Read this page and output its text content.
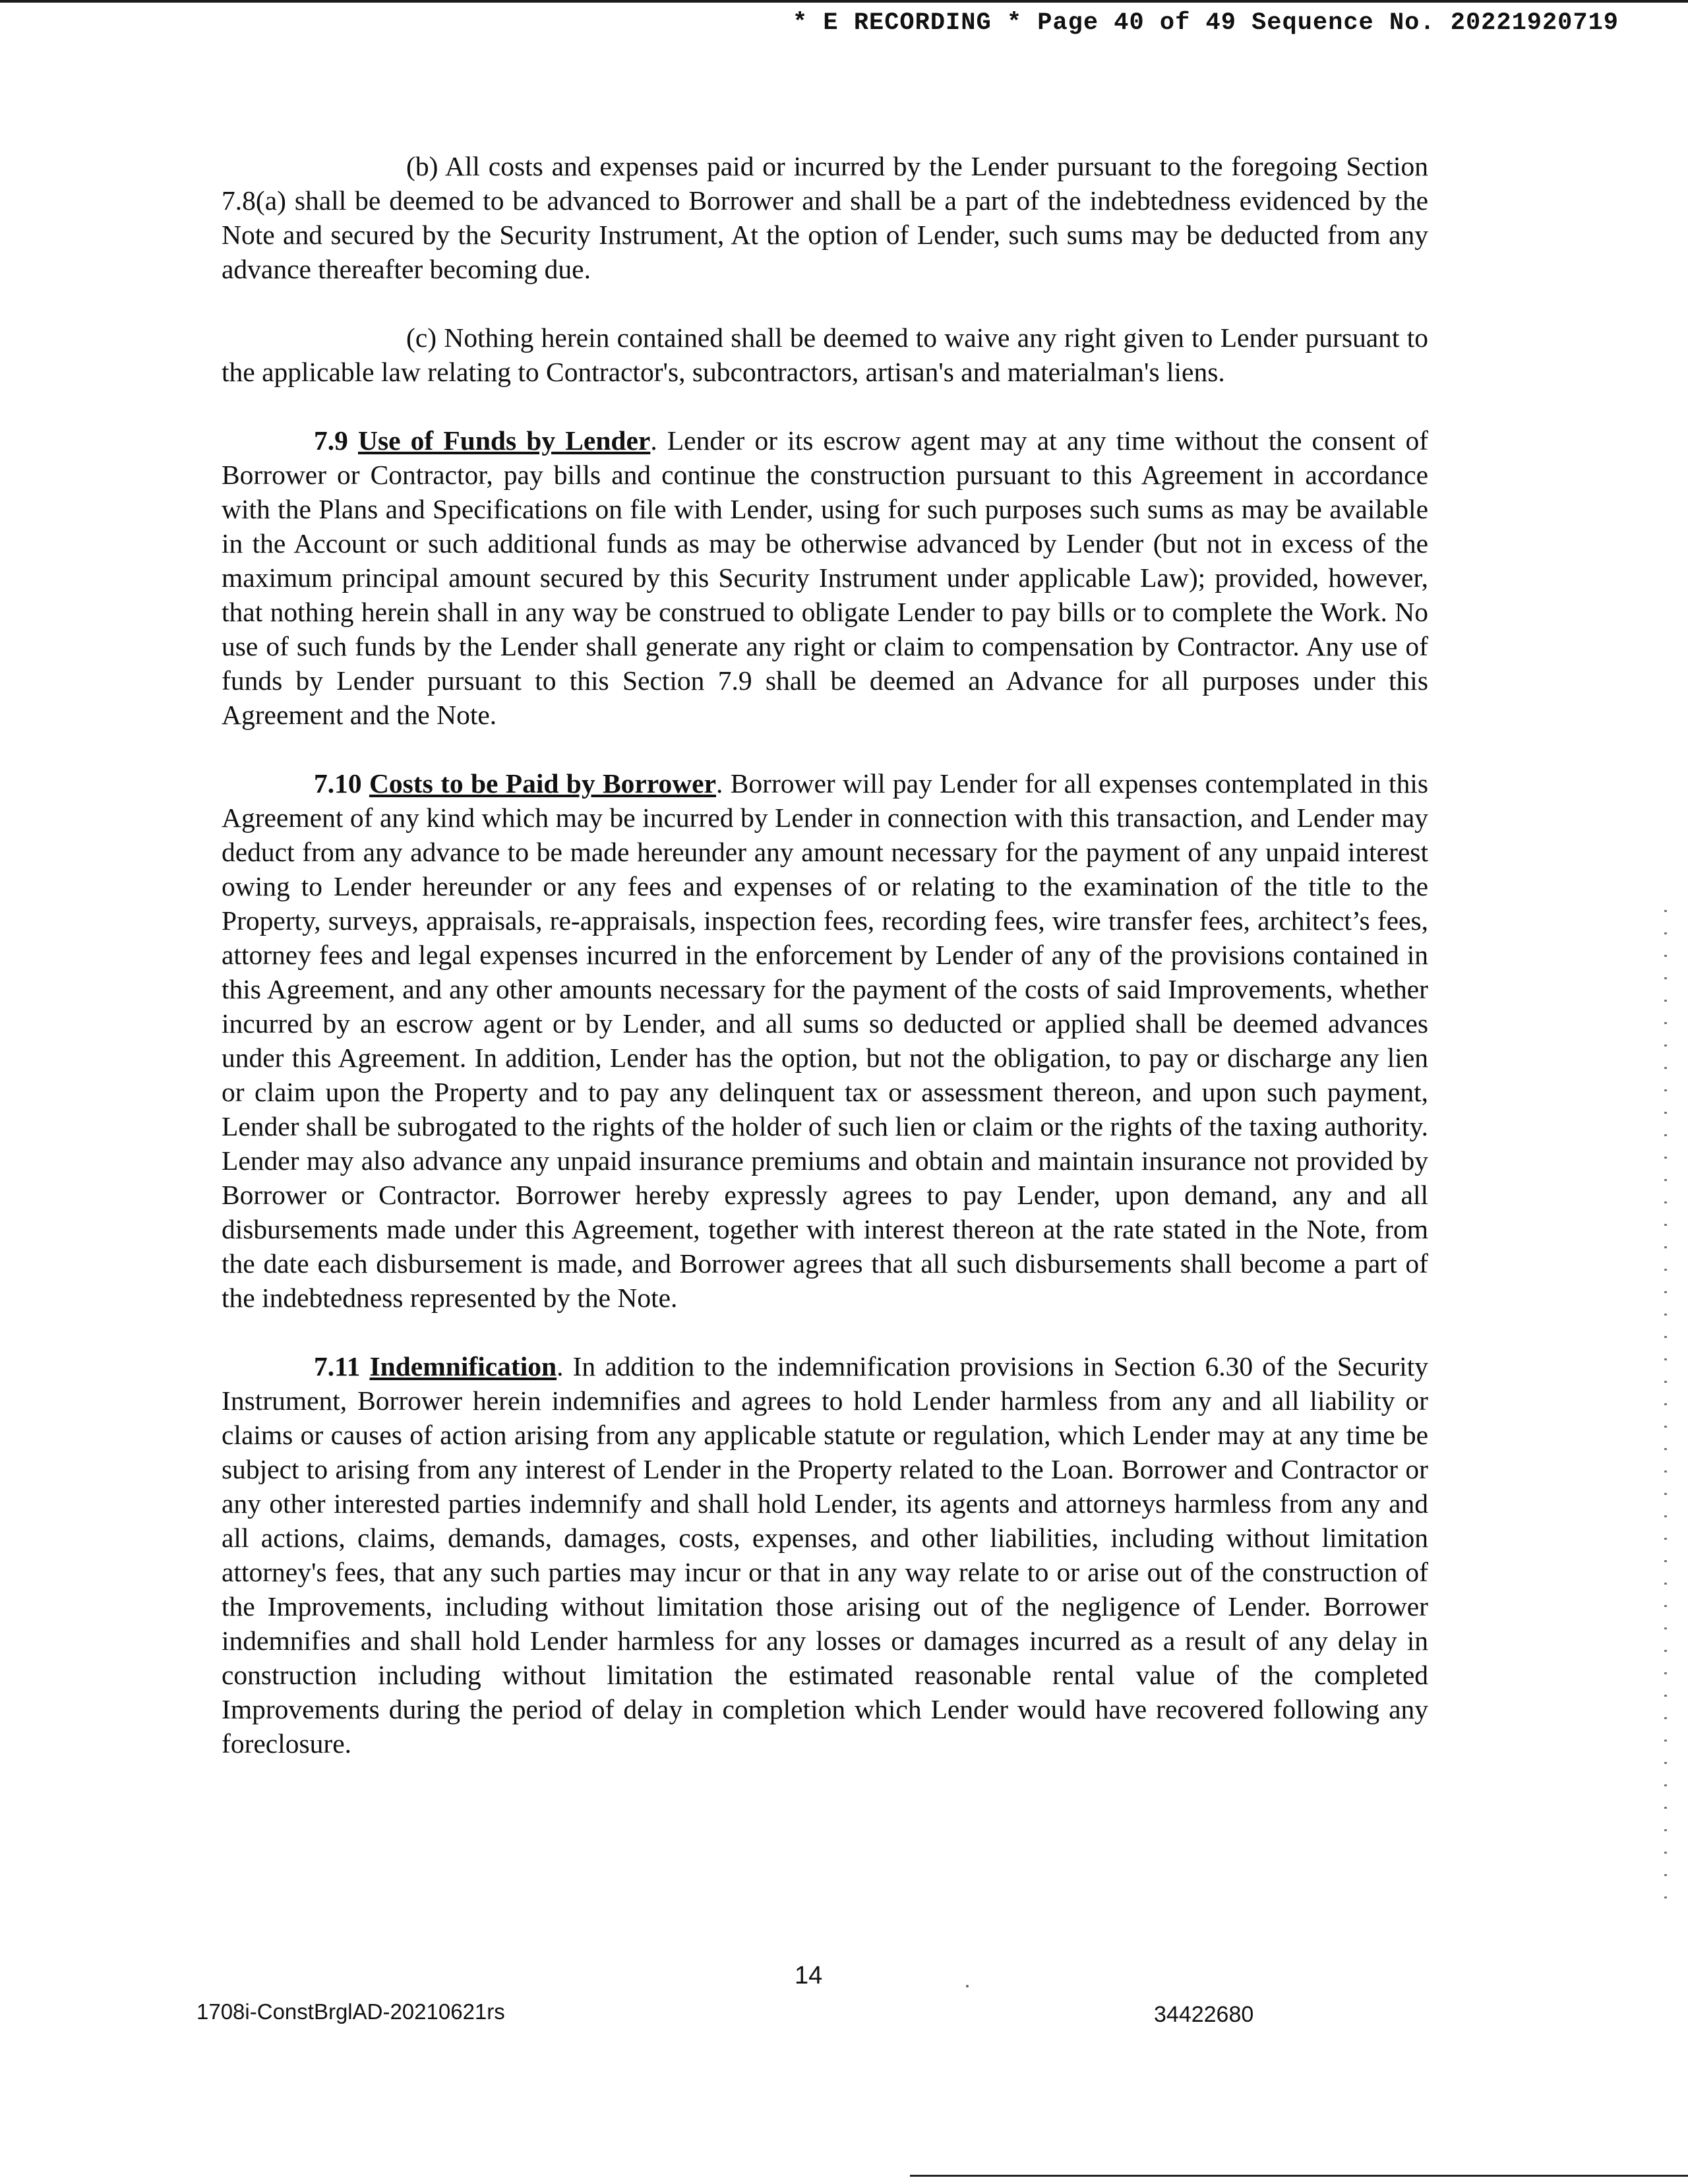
* E RECORDING * Page 40 of 49 Sequence No. 20221920719

(b) All costs and expenses paid or incurred by the Lender pursuant to the foregoing Section 7.8(a) shall be deemed to be advanced to Borrower and shall be a part of the indebtedness evidenced by the Note and secured by the Security Instrument, At the option of Lender, such sums may be deducted from any advance thereafter becoming due.

(c) Nothing herein contained shall be deemed to waive any right given to Lender pursuant to the applicable law relating to Contractor's, subcontractors, artisan's and materialman's liens.

7.9 Use of Funds by Lender. Lender or its escrow agent may at any time without the consent of Borrower or Contractor, pay bills and continue the construction pursuant to this Agreement in accordance with the Plans and Specifications on file with Lender, using for such purposes such sums as may be available in the Account or such additional funds as may be otherwise advanced by Lender (but not in excess of the maximum principal amount secured by this Security Instrument under applicable Law); provided, however, that nothing herein shall in any way be construed to obligate Lender to pay bills or to complete the Work. No use of such funds by the Lender shall generate any right or claim to compensation by Contractor. Any use of funds by Lender pursuant to this Section 7.9 shall be deemed an Advance for all purposes under this Agreement and the Note.

7.10 Costs to be Paid by Borrower. Borrower will pay Lender for all expenses contemplated in this Agreement of any kind which may be incurred by Lender in connection with this transaction, and Lender may deduct from any advance to be made hereunder any amount necessary for the payment of any unpaid interest owing to Lender hereunder or any fees and expenses of or relating to the examination of the title to the Property, surveys, appraisals, re-appraisals, inspection fees, recording fees, wire transfer fees, architect’s fees, attorney fees and legal expenses incurred in the enforcement by Lender of any of the provisions contained in this Agreement, and any other amounts necessary for the payment of the costs of said Improvements, whether incurred by an escrow agent or by Lender, and all sums so deducted or applied shall be deemed advances under this Agreement. In addition, Lender has the option, but not the obligation, to pay or discharge any lien or claim upon the Property and to pay any delinquent tax or assessment thereon, and upon such payment, Lender shall be subrogated to the rights of the holder of such lien or claim or the rights of the taxing authority. Lender may also advance any unpaid insurance premiums and obtain and maintain insurance not provided by Borrower or Contractor. Borrower hereby expressly agrees to pay Lender, upon demand, any and all disbursements made under this Agreement, together with interest thereon at the rate stated in the Note, from the date each disbursement is made, and Borrower agrees that all such disbursements shall become a part of the indebtedness represented by the Note.

7.11 Indemnification. In addition to the indemnification provisions in Section 6.30 of the Security Instrument, Borrower herein indemnifies and agrees to hold Lender harmless from any and all liability or claims or causes of action arising from any applicable statute or regulation, which Lender may at any time be subject to arising from any interest of Lender in the Property related to the Loan. Borrower and Contractor or any other interested parties indemnify and shall hold Lender, its agents and attorneys harmless from any and all actions, claims, demands, damages, costs, expenses, and other liabilities, including without limitation attorney's fees, that any such parties may incur or that in any way relate to or arise out of the construction of the Improvements, including without limitation those arising out of the negligence of Lender. Borrower indemnifies and shall hold Lender harmless for any losses or damages incurred as a result of any delay in construction including without limitation the estimated reasonable rental value of the completed Improvements during the period of delay in completion which Lender would have recovered following any foreclosure.

14
1708i-ConstBrglAD-20210621rs	34422680
